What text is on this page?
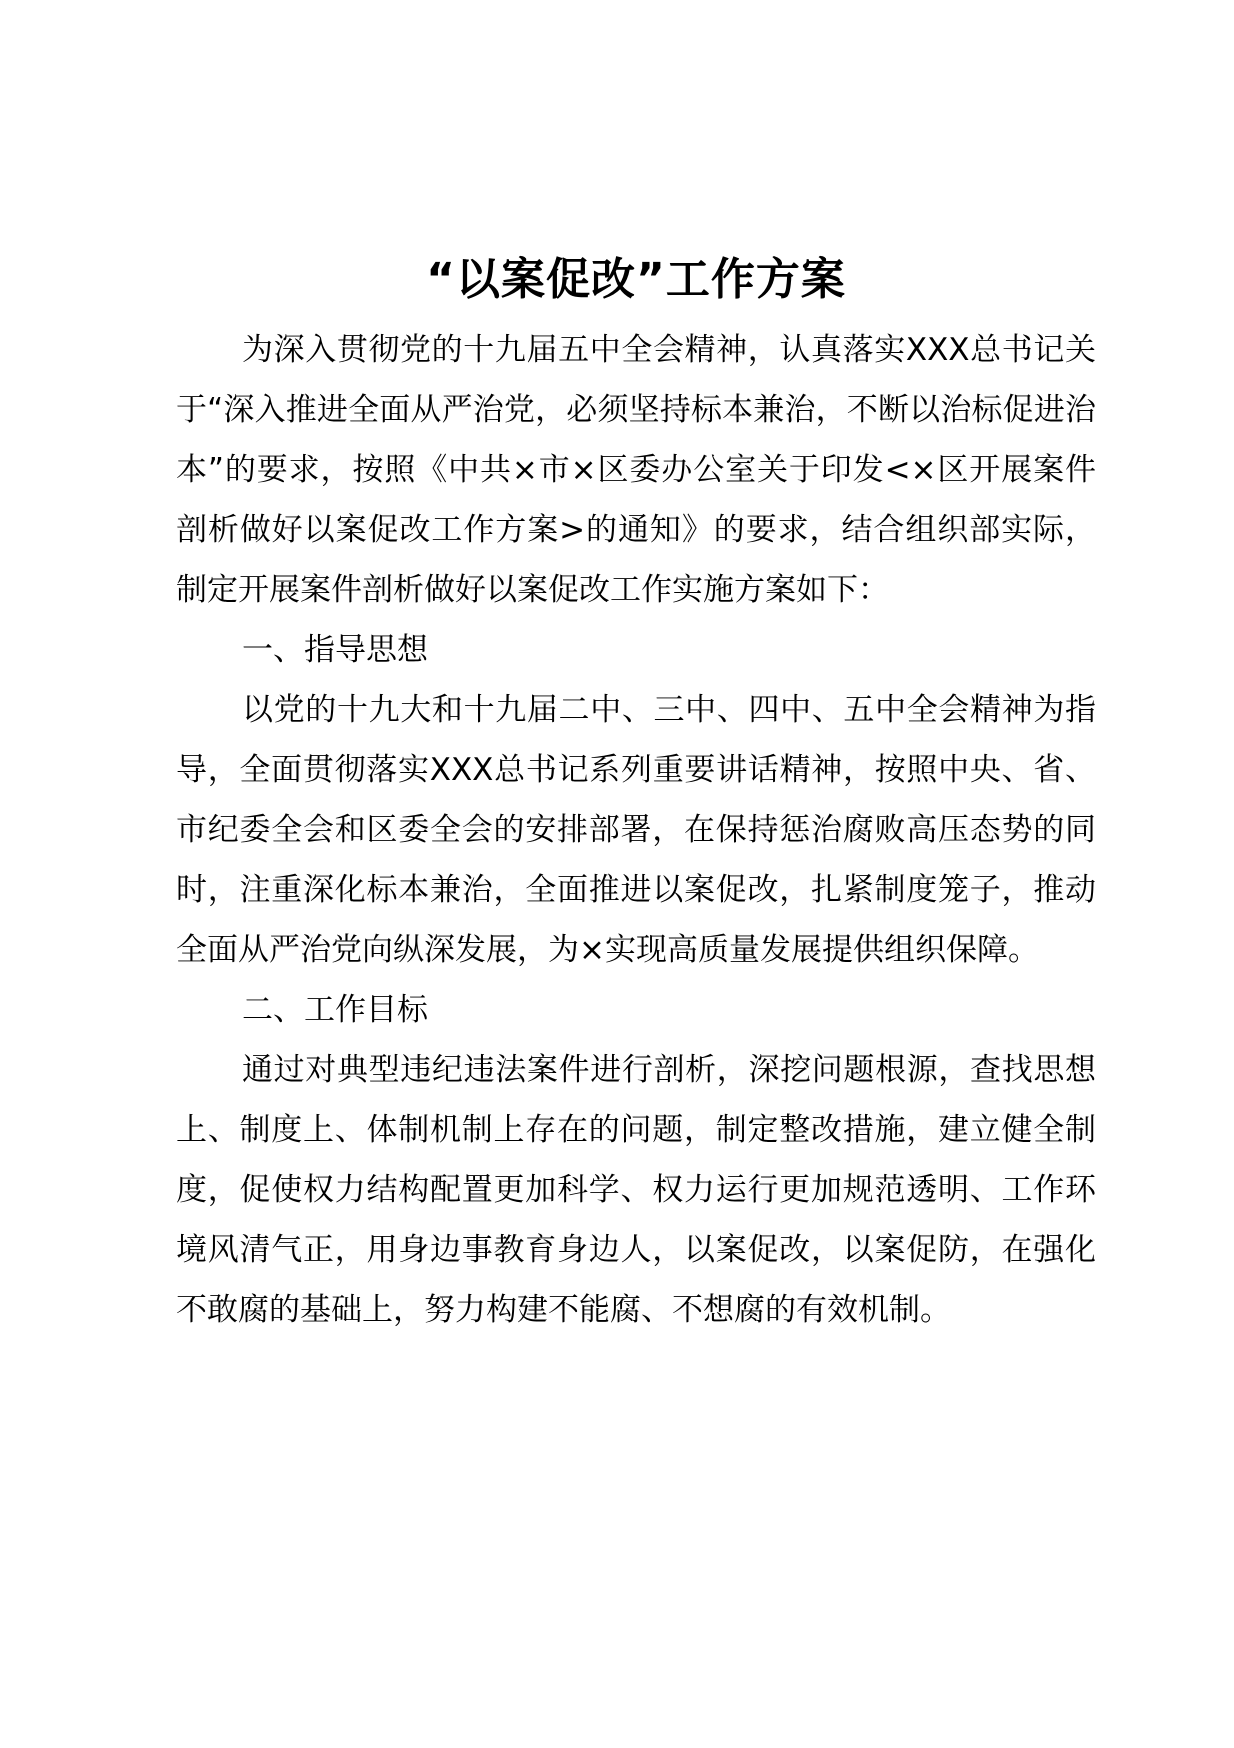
“以案促改”工作方案

为深入贯彻党的十九届五中全会精神，认真落实XXX总书记关于“深入推进全面从严治党，必须坚持标本兼治，不断以治标促进治本”的要求，按照《中共×市×区委办公室关于印发<×区开展案件剖析做好以案促改工作方案>的通知》的要求，结合组织部实际，制定开展案件剖析做好以案促改工作实施方案如下：

一、指导思想

以党的十九大和十九届二中、三中、四中、五中全会精神为指导，全面贯彻落实XXX总书记系列重要讲话精神，按照中央、省、市纪委全会和区委全会的安排部署，在保持惩治腐败高压态势的同时，注重深化标本兼治，全面推进以案促改，扎紧制度笼子，推动全面从严治党向纵深发展，为×实现高质量发展提供组织保障。

二、工作目标

通过对典型违纪违法案件进行剖析，深挖问题根源，查找思想上、制度上、体制机制上存在的问题，制定整改措施，建立健全制度，促使权力结构配置更加科学、权力运行更加规范透明、工作环境风清气正，用身边事教育身边人，以案促改，以案促防，在强化不敢腐的基础上，努力构建不能腐、不想腐的有效机制。
